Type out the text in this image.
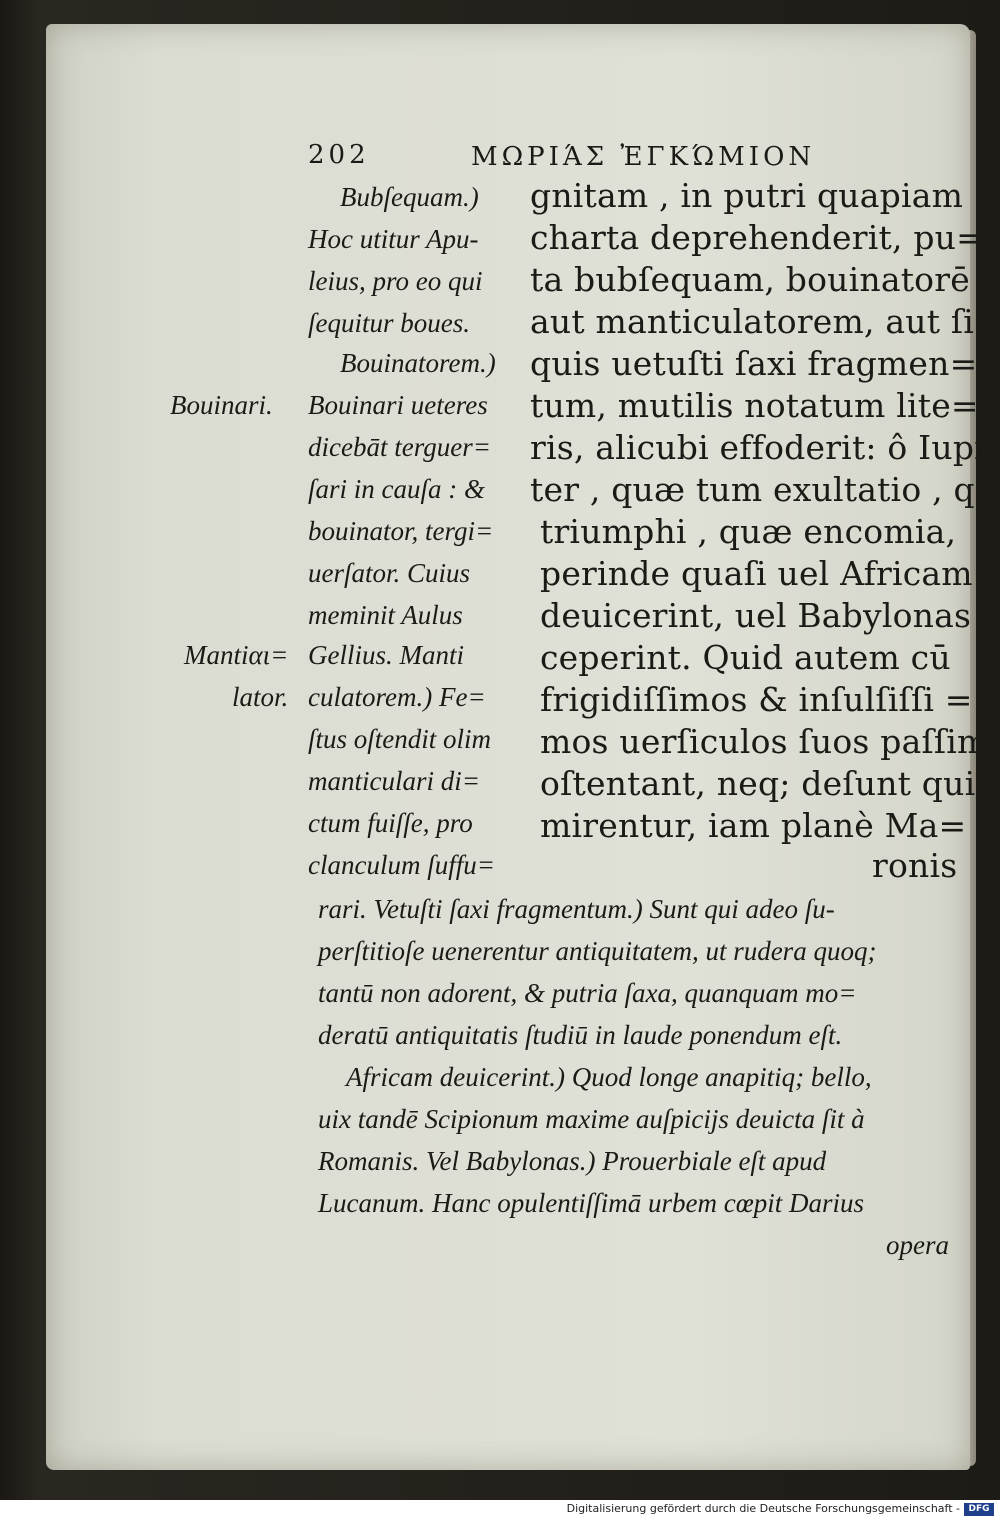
202	ΜΩΡΙΆΣ ἘΓΚΏΜΙΟΝ

Bouinari.

Mantiαι=

lator.

Bubſequam.)

Hoc utitur Apu-

leius, pro eo qui

ſequitur boues.

Bouinatorem.)

Bouinari ueteres

dicebāt terguer=

ſari in cauſa : &

bouinator, tergi=

uerſator. Cuius

meminit Aulus

Gellius. Manti

culatorem.) Fe=

ſtus oſtendit olim

manticulari di=

ctum fuiſſe, pro

clanculum ſuffu=

gnitam , in putri quapiam

charta deprehenderit, pu=

ta bubſequam, bouinatorē

aut manticulatorem, aut ſi

quis uetuſti ſaxi fragmen=

tum, mutilis notatum lite=

ris, alicubi effoderit: ô Iupi

ter , quæ tum exultatio , q

triumphi , quæ encomia,

perinde quaſi uel Africam

deuicerint, uel Babylonas

ceperint. Quid autem cū

frigidiſſimos & inſulſiſſi =

mos uerſiculos ſuos paſſim

oſtentant, neq; deſunt qui

mirentur, iam planè Ma=

ronis

rari. Vetuſti ſaxi fragmentum.) Sunt qui adeo ſu-

perſtitioſe uenerentur antiquitatem, ut rudera quoq;

tantū non adorent, & putria ſaxa, quanquam mo=

deratū antiquitatis ſtudiū in laude ponendum eſt.

Africam deuicerint.) Quod longe anapitiq; bello,

uix tandē Scipionum maxime auſpicijs deuicta ſit à

Romanis. Vel Babylonas.) Prouerbiale eſt apud

Lucanum. Hanc opulentiſſimā urbem cœpit Darius

opera

Digitalisierung gefördert durch die Deutsche Forschungsgemeinschaft - DFG
